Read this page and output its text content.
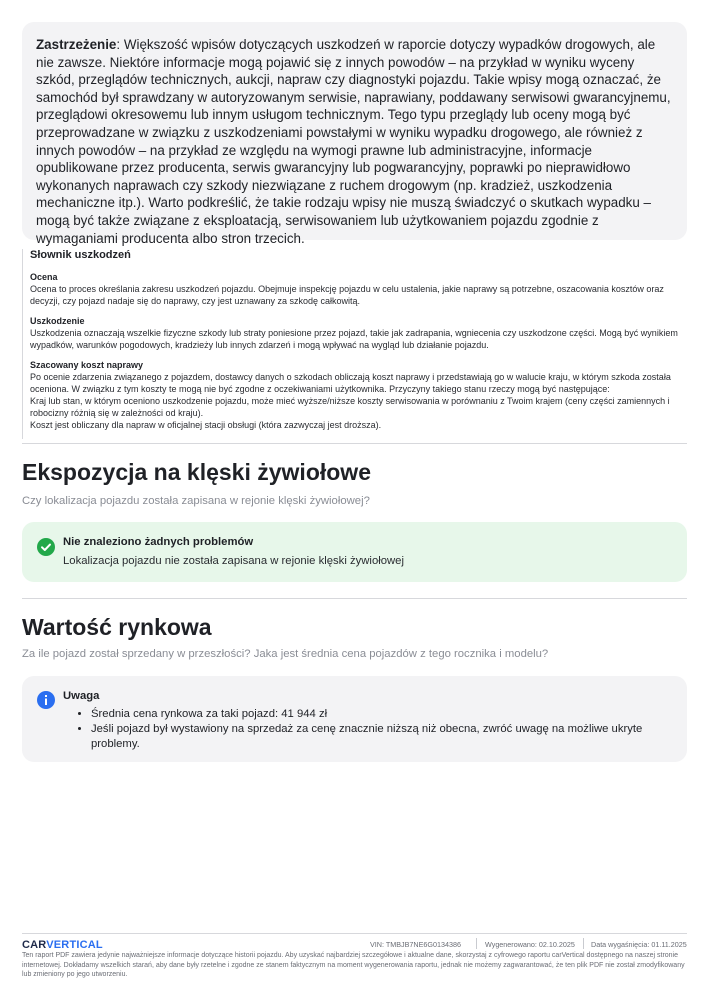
Zastrzeżenie: Większość wpisów dotyczących uszkodzeń w raporcie dotyczy wypadków drogowych, ale nie zawsze. Niektóre informacje mogą pojawić się z innych powodów – na przykład w wyniku wyceny szkód, przeglądów technicznych, aukcji, napraw czy diagnostyki pojazdu. Takie wpisy mogą oznaczać, że samochód był sprawdzany w autoryzowanym serwisie, naprawiany, poddawany serwisowi gwarancyjnemu, przeglądowi okresowemu lub innym usługom technicznym. Tego typu przeglądy lub oceny mogą być przeprowadzane w związku z uszkodzeniami powstałymi w wyniku wypadku drogowego, ale również z innych powodów – na przykład ze względu na wymogi prawne lub administracyjne, informacje opublikowane przez producenta, serwis gwarancyjny lub pogwarancyjny, poprawki po nieprawidłowo wykonanych naprawach czy szkody niezwiązane z ruchem drogowym (np. kradzież, uszkodzenia mechaniczne itp.). Warto podkreślić, że takie rodzaju wpisy nie muszą świadczyć o skutkach wypadku – mogą być także związane z eksploatacją, serwisowaniem lub użytkowaniem pojazdu zgodnie z wymaganiami producenta albo stron trzecich.
Słownik uszkodzeń
Ocena

Ocena to proces określania zakresu uszkodzeń pojazdu. Obejmuje inspekcję pojazdu w celu ustalenia, jakie naprawy są potrzebne, oszacowania kosztów oraz decyzji, czy pojazd nadaje się do naprawy, czy jest uznawany za szkodę całkowitą.

Uszkodzenie

Uszkodzenia oznaczają wszelkie fizyczne szkody lub straty poniesione przez pojazd, takie jak zadrapania, wgniecenia czy uszkodzone części. Mogą być wynikiem wypadków, warunków pogodowych, kradzieży lub innych zdarzeń i mogą wpływać na wygląd lub działanie pojazdu.

Szacowany koszt naprawy

Po ocenie zdarzenia związanego z pojazdem, dostawcy danych o szkodach obliczają koszt naprawy i przedstawiają go w walucie kraju, w którym szkoda została oceniona. W związku z tym koszty te mogą nie być zgodne z oczekiwaniami użytkownika. Przyczyny takiego stanu rzeczy mogą być następujące:

Kraj lub stan, w którym oceniono uszkodzenie pojazdu, może mieć wyższe/niższe koszty serwisowania w porównaniu z Twoim krajem (ceny części zamiennych i robocizny różnią się w zależności od kraju).

Koszt jest obliczany dla napraw w oficjalnej stacji obsługi (która zazwyczaj jest droższa).

Ekspozycja na klęski żywiołowe
Czy lokalizacja pojazdu została zapisana w rejonie klęski żywiołowej?
Nie znaleziono żadnych problemów
Lokalizacja pojazdu nie została zapisana w rejonie klęski żywiołowej
Wartość rynkowa
Za ile pojazd został sprzedany w przeszłości? Jaka jest średnia cena pojazdów z tego rocznika i modelu?
Uwaga
• Średnia cena rynkowa za taki pojazd: 41 944 zł
• Jeśli pojazd był wystawiony na sprzedaż za cenę znacznie niższą niż obecna, zwróć uwagę na możliwe ukryte problemy.
CARVERTICAL	VIN: TMBJB7NE6G0134386	Wygenerowano: 02.10.2025 Data wygaśnięcia: 01.11.2025
Ten raport PDF zawiera jedynie najważniejsze informacje dotyczące historii pojazdu. Aby uzyskać najbardziej szczegółowe i aktualne dane, skorzystaj z cyfrowego raportu carVertical dostępnego na naszej stronie internetowej. Dokładamy wszelkich starań, aby dane były rzetelne i zgodne ze stanem faktycznym na moment wygenerowania raportu, jednak nie możemy zagwarantować, że ten plik PDF nie został zmodyfikowany lub zmieniony po jego utworzeniu.
